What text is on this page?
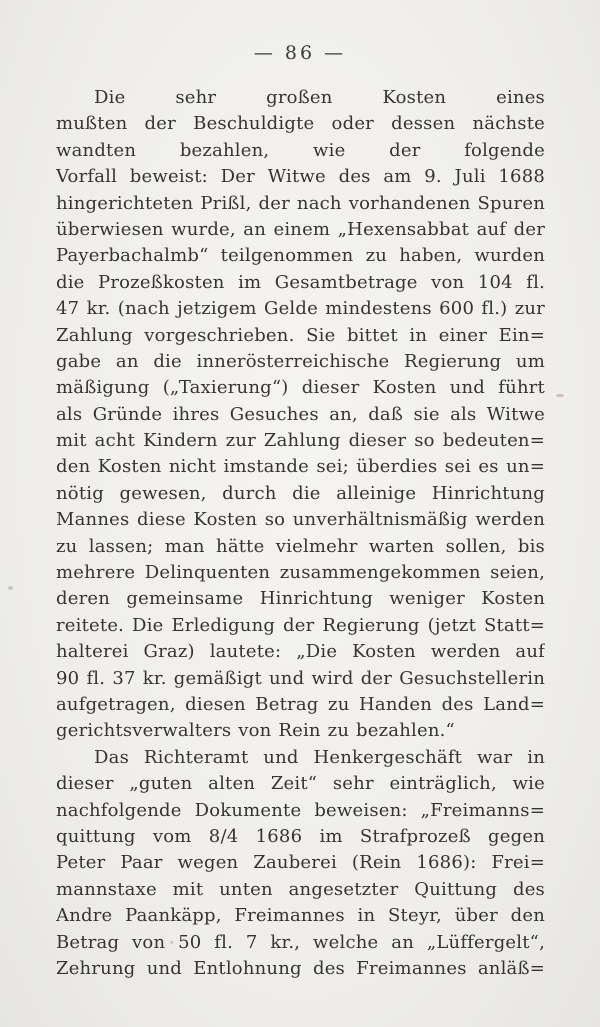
— 86 —
Die sehr großen Kosten eines
mußten der Beschuldigte oder dessen nächste
wandten bezahlen, wie der folgende
Vorfall beweist: Der Witwe des am 9. Juli 1688
hingerichteten Prißl, der nach vorhandenen Spuren
überwiesen wurde, an einem „Hexensabbat auf der
Payerbachalmb“ teilgenommen zu haben, wurden
die Prozeßkosten im Gesamtbetrage von 104 fl.
47 kr. (nach jetzigem Gelde mindestens 600 fl.) zur
Zahlung vorgeschrieben. Sie bittet in einer Ein=
gabe an die innerösterreichische Regierung um
mäßigung („Taxierung“) dieser Kosten und führt
als Gründe ihres Gesuches an, daß sie als Witwe
mit acht Kindern zur Zahlung dieser so bedeuten=
den Kosten nicht imstande sei; überdies sei es un=
nötig gewesen, durch die alleinige Hinrichtung
Mannes diese Kosten so unverhältnismäßig werden
zu lassen; man hätte vielmehr warten sollen, bis
mehrere Delinquenten zusammengekommen seien,
deren gemeinsame Hinrichtung weniger Kosten
reitete. Die Erledigung der Regierung (jetzt Statt=
halterei Graz) lautete: „Die Kosten werden auf
90 fl. 37 kr. gemäßigt und wird der Gesuchstellerin
aufgetragen, diesen Betrag zu Handen des Land=
gerichtsverwalters von Rein zu bezahlen.“
Das Richteramt und Henkergeschäft war in
dieser „guten alten Zeit“ sehr einträglich, wie
nachfolgende Dokumente beweisen: „Freimanns=
quittung vom 8/4 1686 im Strafprozeß gegen
Peter Paar wegen Zauberei (Rein 1686): Frei=
mannstaxe mit unten angesetzter Quittung des
Andre Paankäpp, Freimannes in Steyr, über den
Betrag von 50 fl. 7 kr., welche an „Lüffergelt“,
Zehrung und Entlohnung des Freimannes anläß=
